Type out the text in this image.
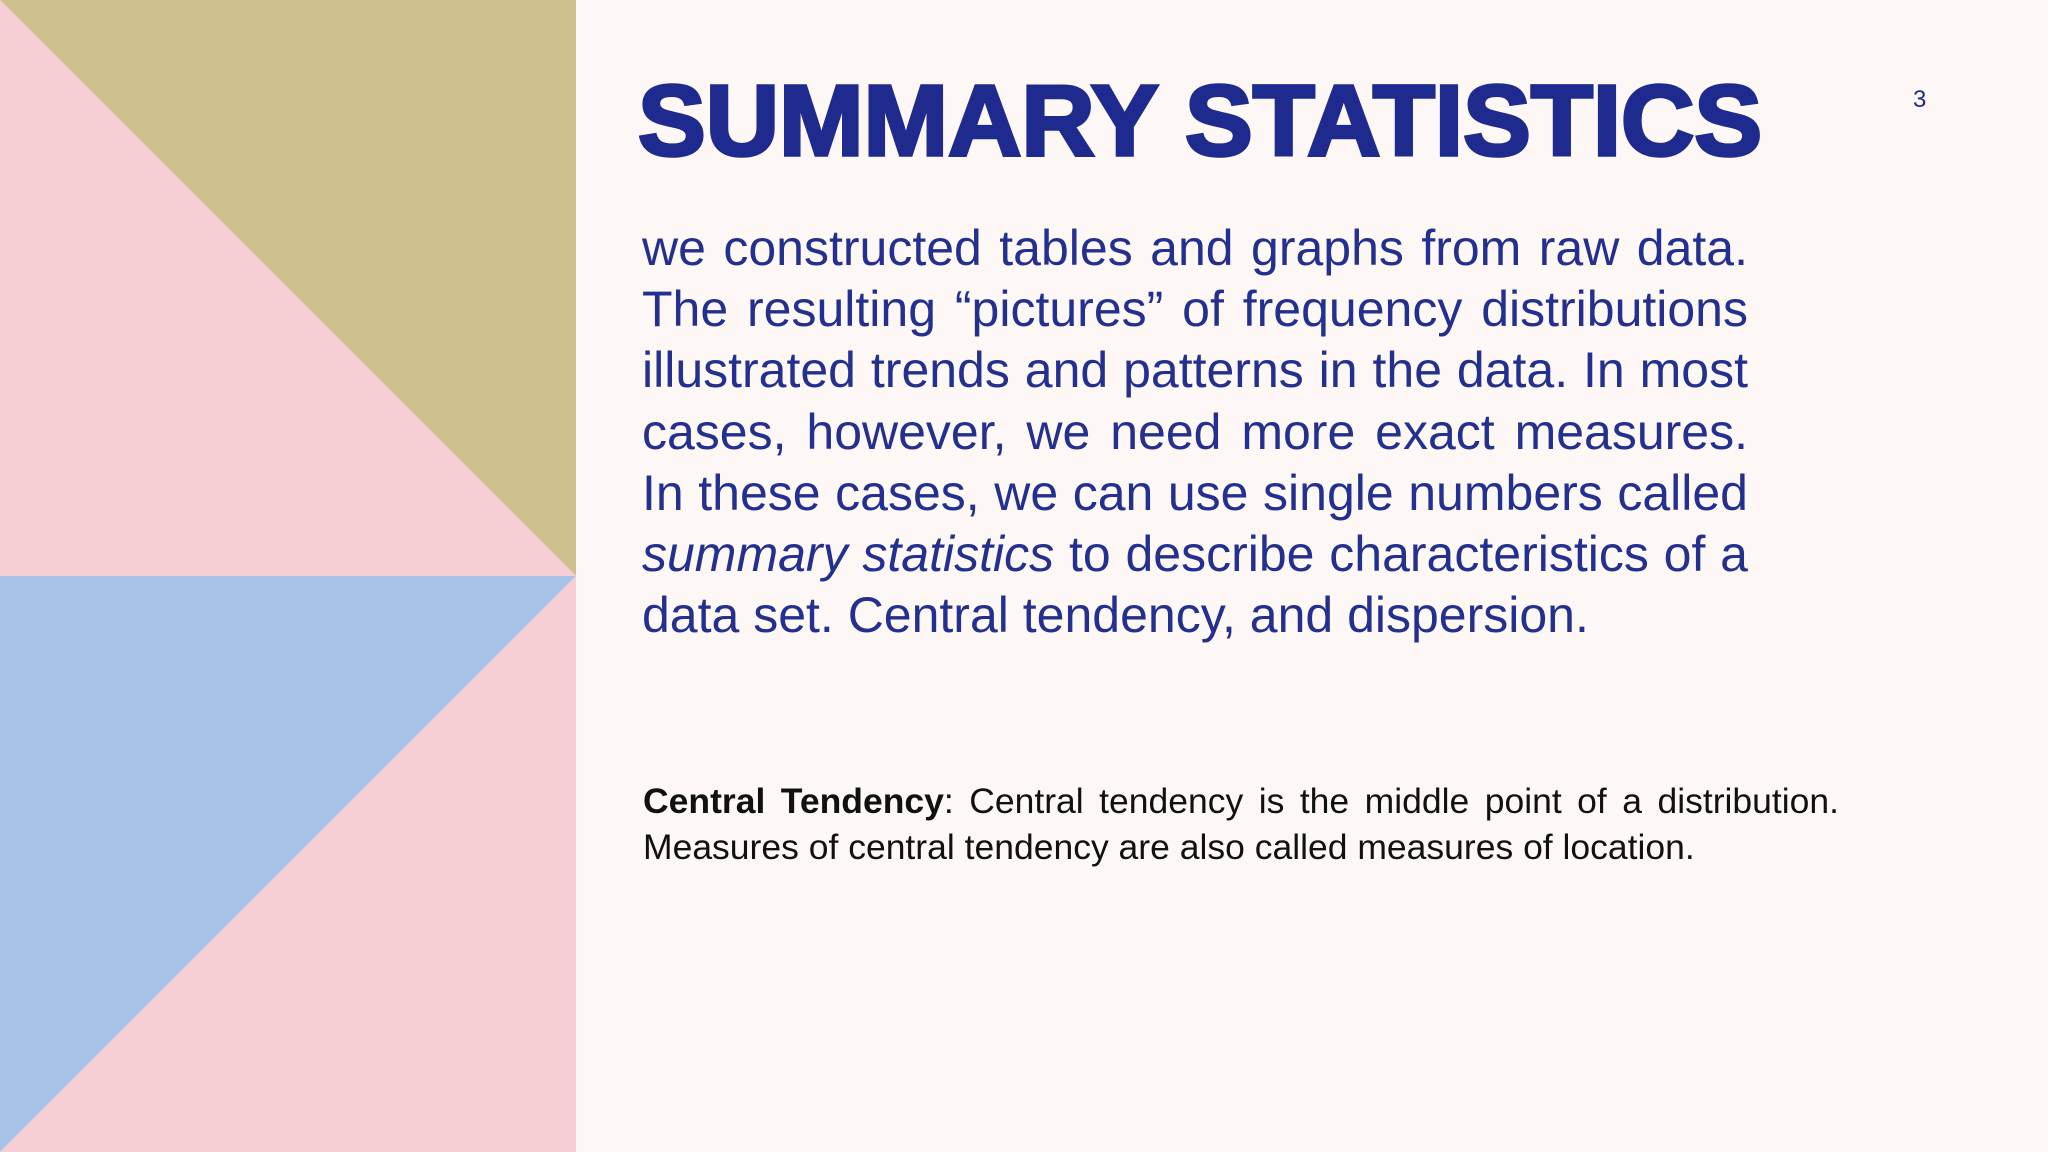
SUMMARY STATISTICS	3

we constructed tables and graphs from raw data. The resulting “pictures” of frequency distributions illustrated trends and patterns in the data. In most cases, however, we need more exact measures. In these cases, we can use single numbers called summary statistics to describe characteristics of a data set. Central tendency, and dispersion.

Central Tendency: Central tendency is the middle point of a distribution. Measures of central tendency are also called measures of location.
